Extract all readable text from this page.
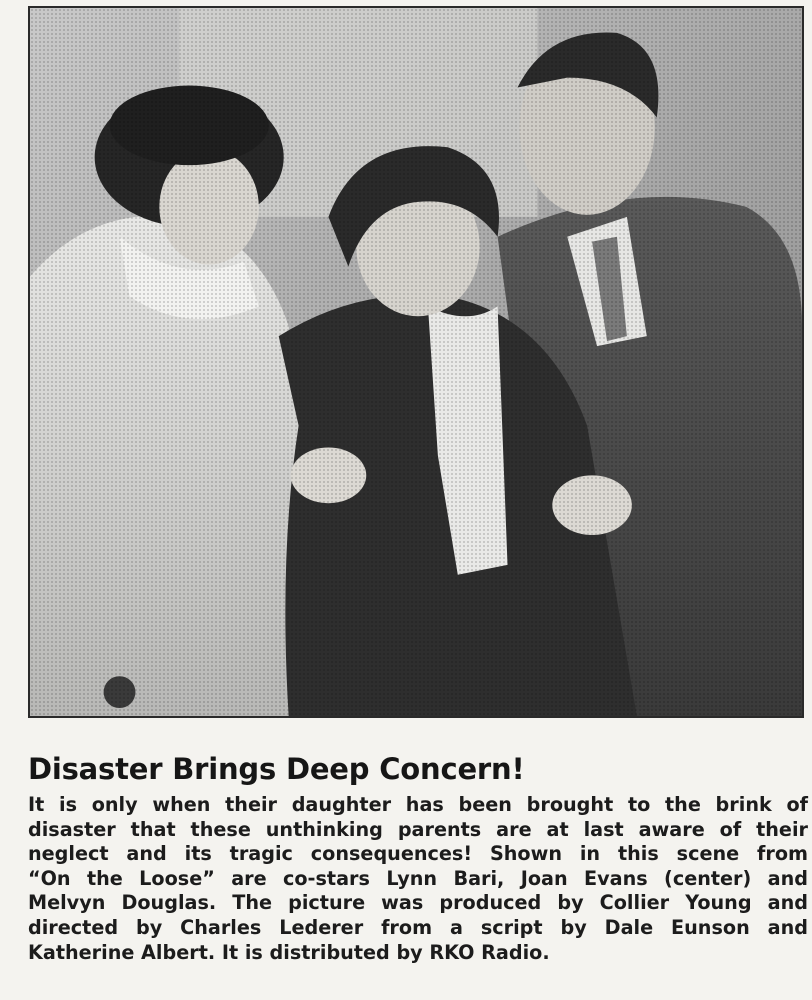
Disaster Brings Deep Concern!

It is only when their daughter has been brought to the brink of
disaster that these unthinking parents are at last aware of their
neglect and its tragic consequences! Shown in this scene from
“On the Loose” are co-stars Lynn Bari, Joan Evans (center) and
Melvyn Douglas. The picture was produced by Collier Young and
directed by Charles Lederer from a script by Dale Eunson and
Katherine Albert. It is distributed by RKO Radio.
